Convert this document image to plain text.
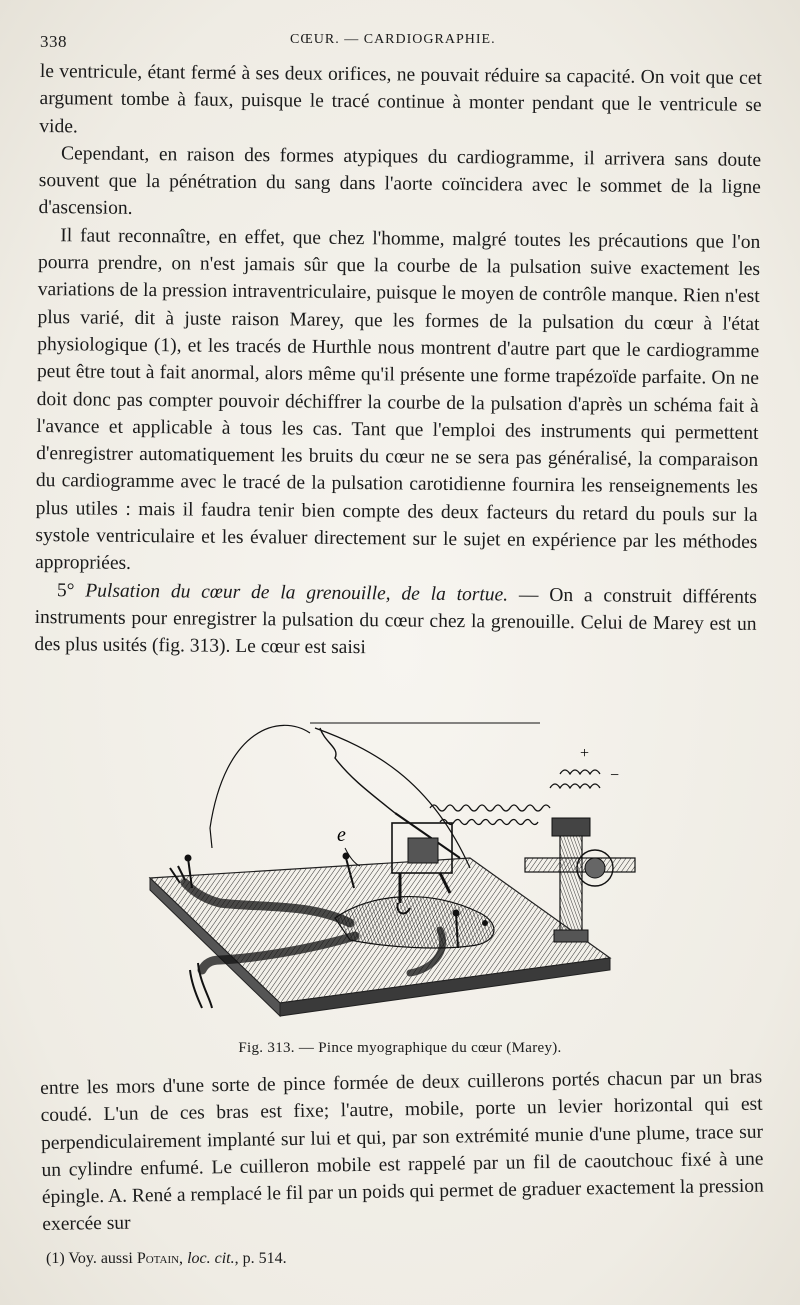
338	CŒUR. — CARDIOGRAPHIE.

le ventricule, étant fermé à ses deux orifices, ne pouvait réduire sa capacité. On voit que cet argument tombe à faux, puisque le tracé continue à monter pendant que le ventricule se vide.

Cependant, en raison des formes atypiques du cardiogramme, il arrivera sans doute souvent que la pénétration du sang dans l'aorte coïncidera avec le sommet de la ligne d'ascension.

Il faut reconnaître, en effet, que chez l'homme, malgré toutes les précautions que l'on pourra prendre, on n'est jamais sûr que la courbe de la pulsation suive exactement les variations de la pression intraventriculaire, puisque le moyen de contrôle manque. Rien n'est plus varié, dit à juste raison Marey, que les formes de la pulsation du cœur à l'état physiologique (1), et les tracés de Hurthle nous montrent d'autre part que le cardiogramme peut être tout à fait anormal, alors même qu'il présente une forme trapézoïde parfaite. On ne doit donc pas compter pouvoir déchiffrer la courbe de la pulsation d'après un schéma fait à l'avance et applicable à tous les cas. Tant que l'emploi des instruments qui permettent d'enregistrer automatiquement les bruits du cœur ne se sera pas généralisé, la comparaison du cardiogramme avec le tracé de la pulsation carotidienne fournira les renseignements les plus utiles : mais il faudra tenir bien compte des deux facteurs du retard du pouls sur la systole ventriculaire et les évaluer directement sur le sujet en expérience par les méthodes appropriées.

5° Pulsation du cœur de la grenouille, de la tortue. — On a construit différents instruments pour enregistrer la pulsation du cœur chez la grenouille. Celui de Marey est un des plus usités (fig. 313). Le cœur est saisi

e
+
−
Fig. 313. — Pince myographique du cœur (Marey).

entre les mors d'une sorte de pince formée de deux cuillerons portés chacun par un bras coudé. L'un de ces bras est fixe; l'autre, mobile, porte un levier horizontal qui est perpendiculairement implanté sur lui et qui, par son extrémité munie d'une plume, trace sur un cylindre enfumé. Le cuilleron mobile est rappelé par un fil de caoutchouc fixé à une épingle. A. René a remplacé le fil par un poids qui permet de graduer exactement la pression exercée sur

(1) Voy. aussi Potain, loc. cit., p. 514.
